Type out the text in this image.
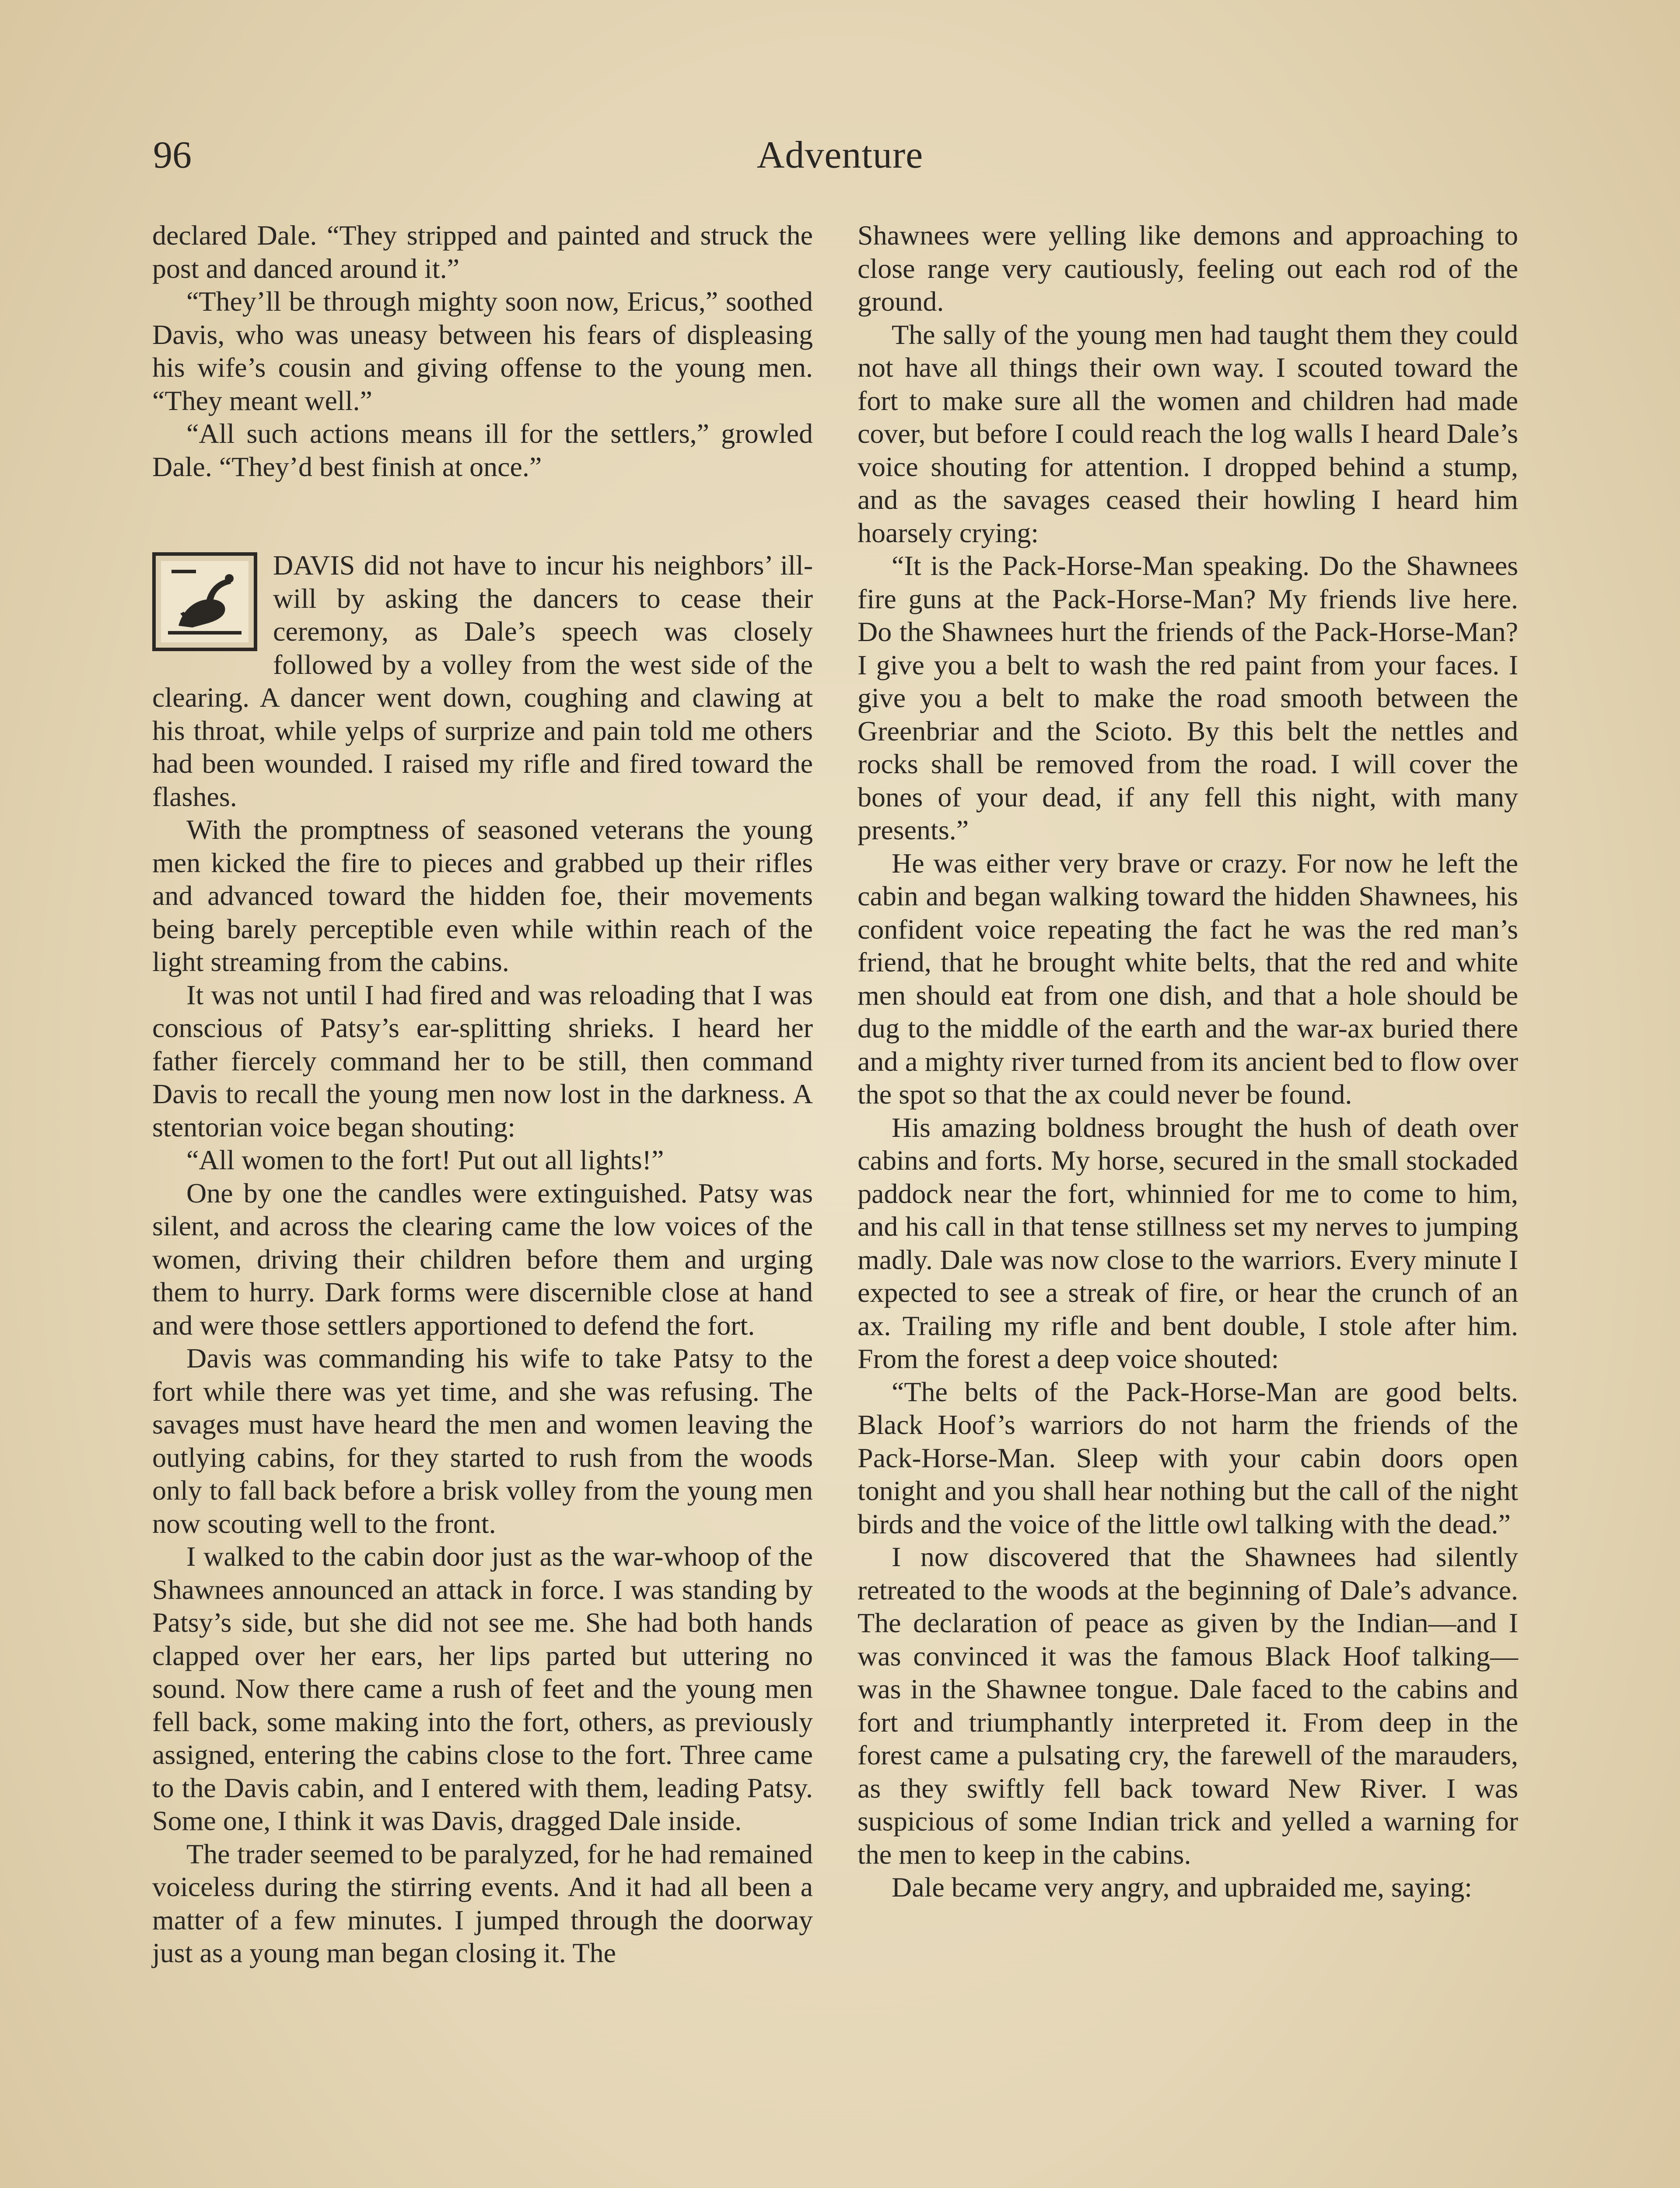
96	Adventure

declared Dale. “They stripped and painted and struck the post and danced around it.”

“They’ll be through mighty soon now, Ericus,” soothed Davis, who was uneasy between his fears of displeasing his wife’s cousin and giving offense to the young men. “They meant well.”

“All such actions means ill for the settlers,” growled Dale. “They’d best finish at once.”

DAVIS did not have to incur his neighbors’ ill-will by asking the dancers to cease their ceremony, as Dale’s speech was closely followed by a volley from the west side of the clearing. A dancer went down, coughing and clawing at his throat, while yelps of surprize and pain told me others had been wounded. I raised my rifle and fired toward the flashes.

With the promptness of seasoned veterans the young men kicked the fire to pieces and grabbed up their rifles and advanced toward the hidden foe, their movements being barely perceptible even while within reach of the light streaming from the cabins.

It was not until I had fired and was reloading that I was conscious of Patsy’s ear-splitting shrieks. I heard her father fiercely command her to be still, then command Davis to recall the young men now lost in the darkness. A stentorian voice began shouting:

“All women to the fort! Put out all lights!”

One by one the candles were extinguished. Patsy was silent, and across the clearing came the low voices of the women, driving their children before them and urging them to hurry. Dark forms were discernible close at hand and were those settlers apportioned to defend the fort.

Davis was commanding his wife to take Patsy to the fort while there was yet time, and she was refusing. The savages must have heard the men and women leaving the outlying cabins, for they started to rush from the woods only to fall back before a brisk volley from the young men now scouting well to the front.

I walked to the cabin door just as the war-whoop of the Shawnees announced an attack in force. I was standing by Patsy’s side, but she did not see me. She had both hands clapped over her ears, her lips parted but uttering no sound. Now there came a rush of feet and the young men fell back, some making into the fort, others, as previously assigned, entering the cabins close to the fort. Three came to the Davis cabin, and I entered with them, leading Patsy. Some one, I think it was Davis, dragged Dale inside.

The trader seemed to be paralyzed, for he had remained voiceless during the stirring events. And it had all been a matter of a few minutes. I jumped through the doorway just as a young man began closing it. The

Shawnees were yelling like demons and approaching to close range very cautiously, feeling out each rod of the ground.

The sally of the young men had taught them they could not have all things their own way. I scouted toward the fort to make sure all the women and children had made cover, but before I could reach the log walls I heard Dale’s voice shouting for attention. I dropped behind a stump, and as the savages ceased their howling I heard him hoarsely crying:

“It is the Pack-Horse-Man speaking. Do the Shawnees fire guns at the Pack-Horse-Man? My friends live here. Do the Shawnees hurt the friends of the Pack-Horse-Man? I give you a belt to wash the red paint from your faces. I give you a belt to make the road smooth between the Greenbriar and the Scioto. By this belt the nettles and rocks shall be removed from the road. I will cover the bones of your dead, if any fell this night, with many presents.”

He was either very brave or crazy. For now he left the cabin and began walking toward the hidden Shawnees, his confident voice repeating the fact he was the red man’s friend, that he brought white belts, that the red and white men should eat from one dish, and that a hole should be dug to the middle of the earth and the war-ax buried there and a mighty river turned from its ancient bed to flow over the spot so that the ax could never be found.

His amazing boldness brought the hush of death over cabins and forts. My horse, secured in the small stockaded paddock near the fort, whinnied for me to come to him, and his call in that tense stillness set my nerves to jumping madly. Dale was now close to the warriors. Every minute I expected to see a streak of fire, or hear the crunch of an ax. Trailing my rifle and bent double, I stole after him. From the forest a deep voice shouted:

“The belts of the Pack-Horse-Man are good belts. Black Hoof’s warriors do not harm the friends of the Pack-Horse-Man. Sleep with your cabin doors open tonight and you shall hear nothing but the call of the night birds and the voice of the little owl talking with the dead.”

I now discovered that the Shawnees had silently retreated to the woods at the beginning of Dale’s advance. The declaration of peace as given by the Indian—and I was convinced it was the famous Black Hoof talking—was in the Shawnee tongue. Dale faced to the cabins and fort and triumphantly interpreted it. From deep in the forest came a pulsating cry, the farewell of the marauders, as they swiftly fell back toward New River. I was suspicious of some Indian trick and yelled a warning for the men to keep in the cabins.

Dale became very angry, and upbraided me, saying:
